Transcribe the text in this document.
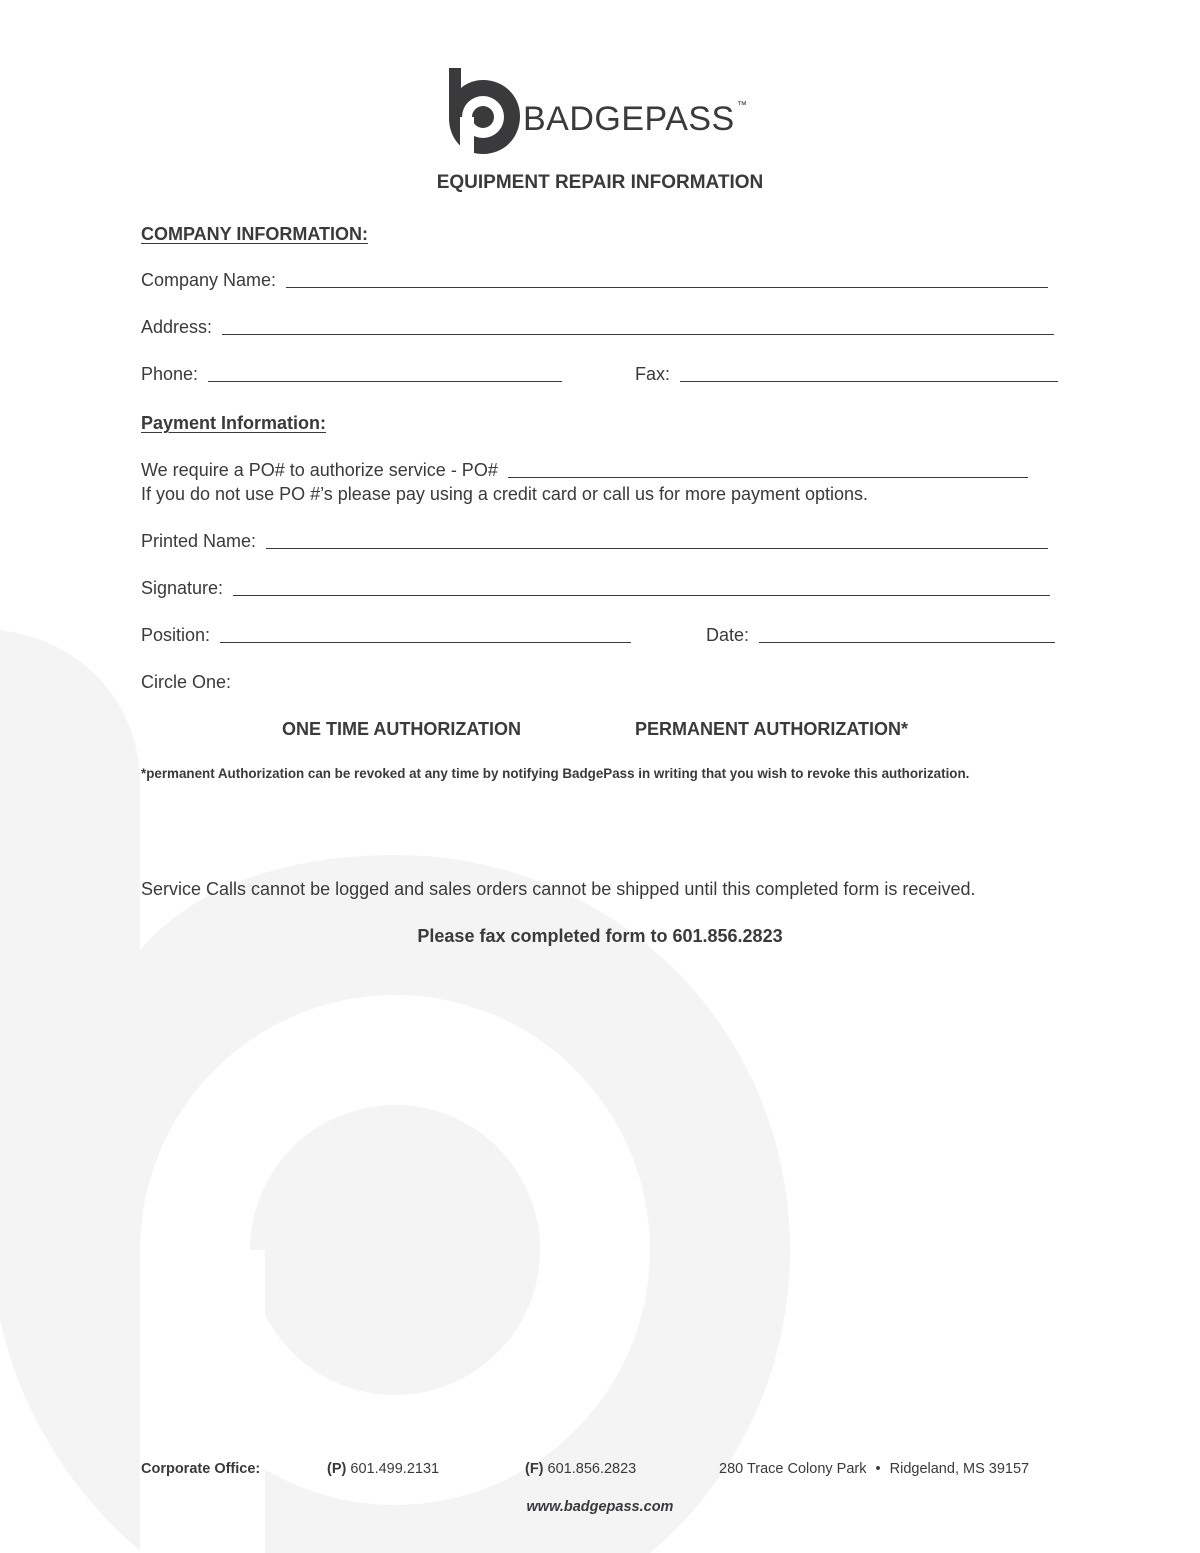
BADGEPASS ™
EQUIPMENT REPAIR INFORMATION
COMPANY INFORMATION:
Company Name:
Address:
Phone:	Fax:
Payment Information:
We require a PO# to authorize service - PO#
If you do not use PO #’s please pay using a credit card or call us for more payment options.
Printed Name:
Signature:
Position:	Date:
Circle One:
ONE TIME AUTHORIZATION	PERMANENT AUTHORIZATION*
*permanent Authorization can be revoked at any time by notifying BadgePass in writing that you wish to revoke this authorization.
Service Calls cannot be logged and sales orders cannot be shipped until this completed form is received.
Please fax completed form to 601.856.2823
Corporate Office:	(P) 601.499.2131	(F) 601.856.2823	280 Trace Colony Park • Ridgeland, MS 39157
www.badgepass.com
